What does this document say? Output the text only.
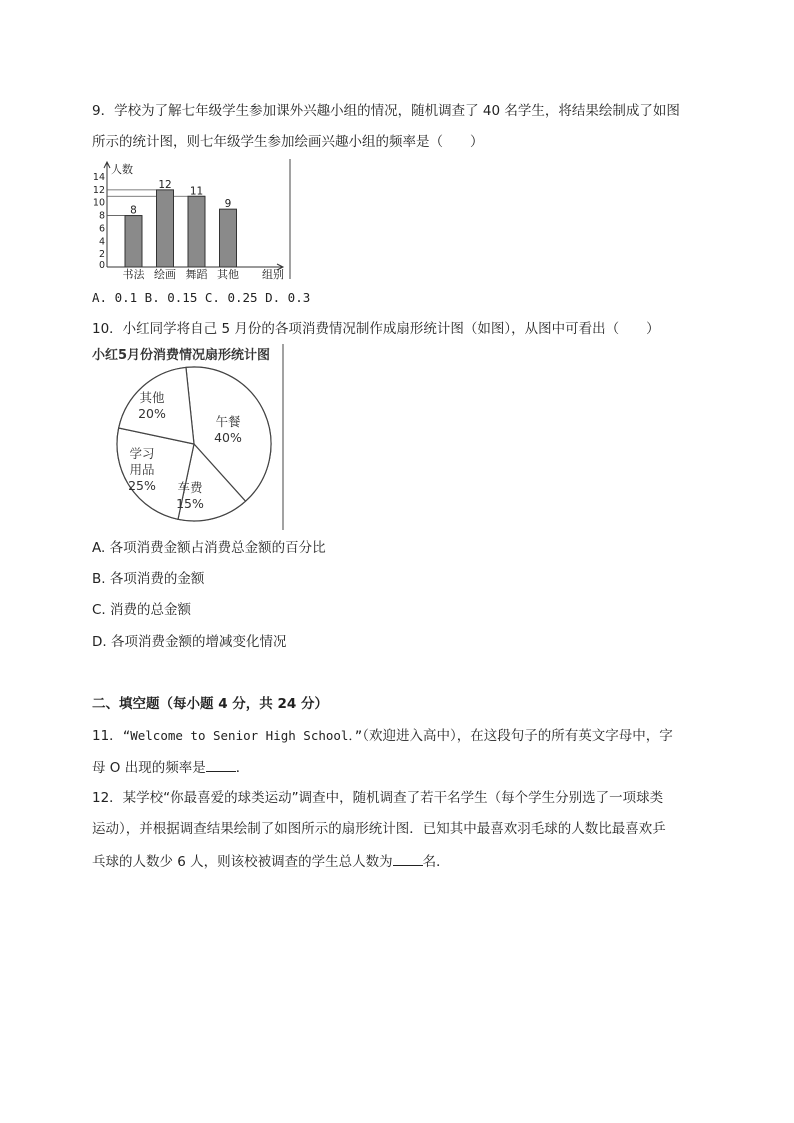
9．学校为了解七年级学生参加课外兴趣小组的情况，随机调查了 40 名学生，将结果绘制成了如图
所示的统计图，则七年级学生参加绘画兴趣小组的频率是（　　）
人数
0
2
4
6
8
10
12
14
8
12
11
9
组别
书法 绘画 舞蹈 其他
A. 0.1 B. 0.15 C. 0.25 D. 0.3
10．小红同学将自己 5 月份的各项消费情况制作成扇形统计图（如图），从图中可看出（　　）
小红5月份消费情况扇形统计图
午餐
40%
车费
15%
学习
用品
25%
其他
20%
A. 各项消费金额占消费总金额的百分比
B. 各项消费的金额
C. 消费的总金额
D. 各项消费金额的增减变化情况
二、填空题（每小题 4 分，共 24 分）
11．“Welcome to Senior High School．”（欢迎进入高中），在这段句子的所有英文字母中，字
母 O 出现的频率是 ．
12．某学校“你最喜爱的球类运动”调查中，随机调查了若干名学生（每个学生分别选了一项球类
运动），并根据调查结果绘制了如图所示的扇形统计图．已知其中最喜欢羽毛球的人数比最喜欢乒
乓球的人数少 6 人，则该校被调查的学生总人数为 名．
